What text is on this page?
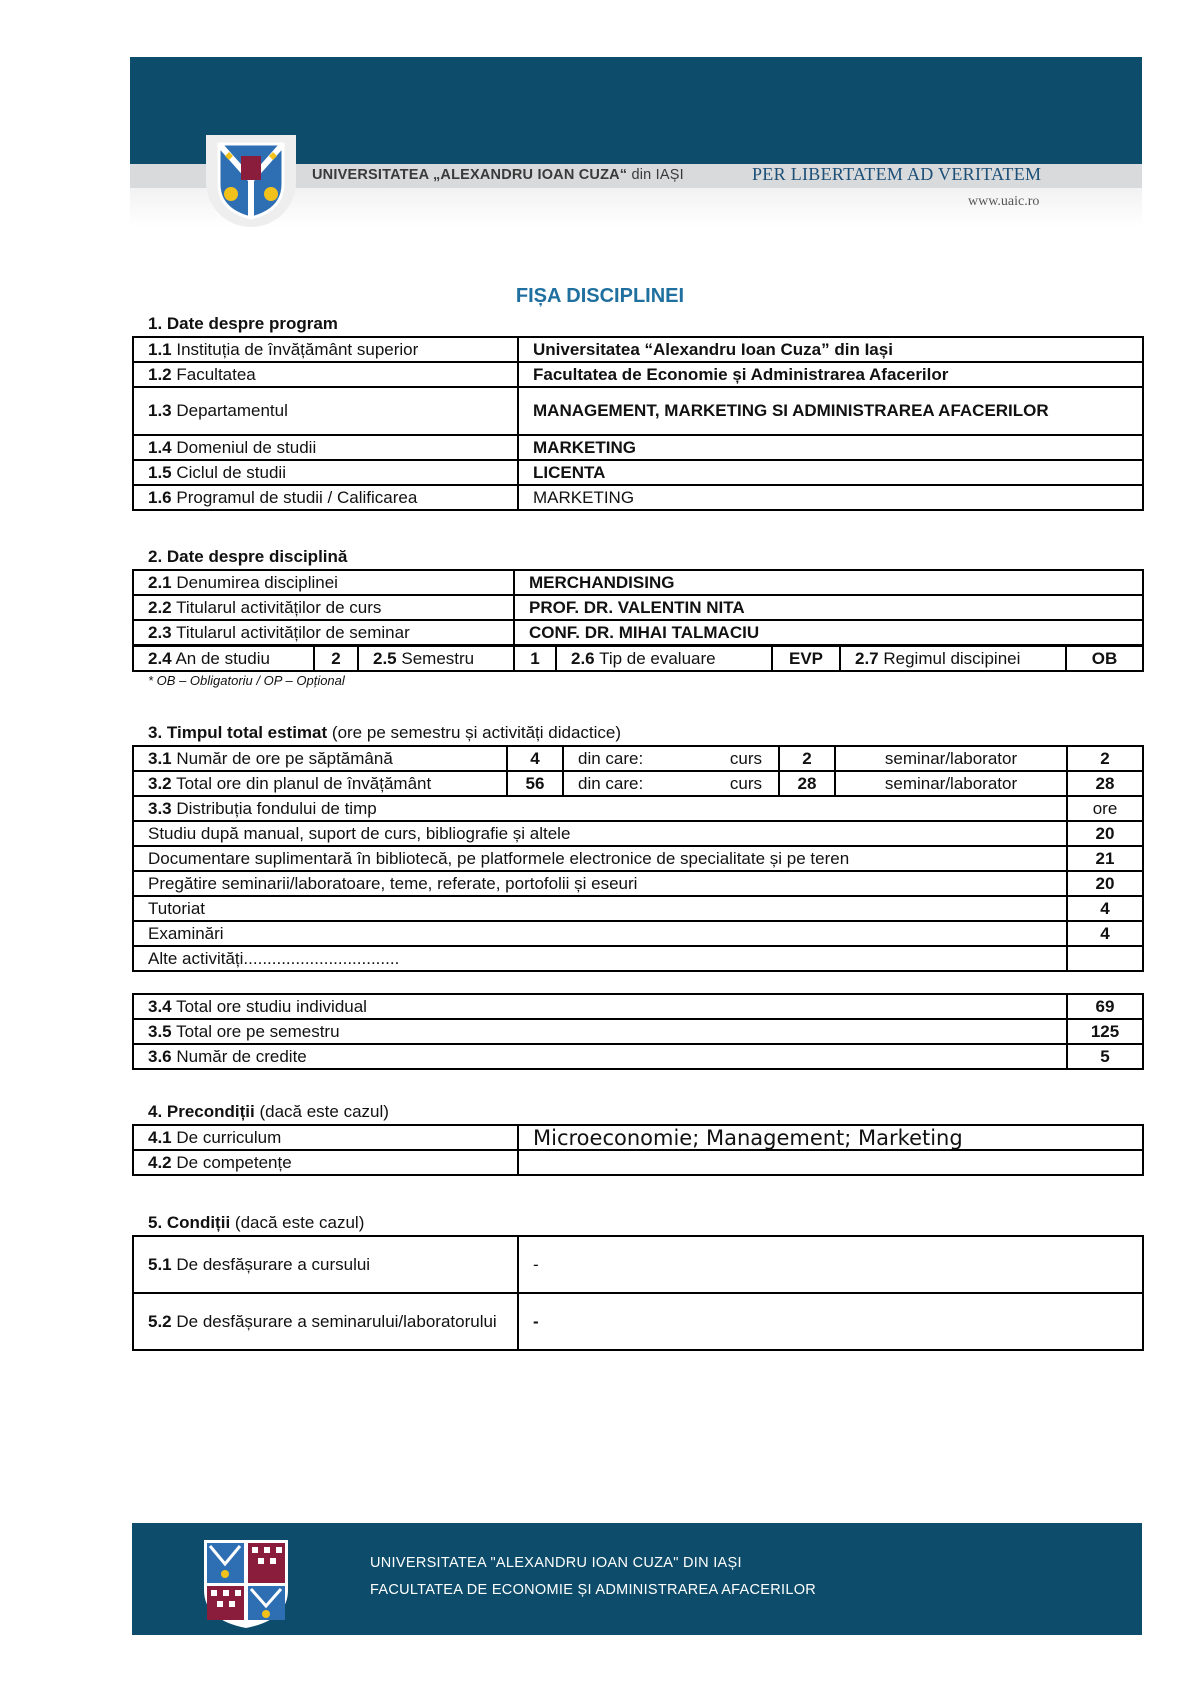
UNIVERSITATEA „ALEXANDRU IOAN CUZA“ din IAȘI	PER LIBERTATEM AD VERITATEM
www.uaic.ro
FIȘA DISCIPLINEI
1. Date despre program
1.1 Instituția de învățământ superior	Universitatea “Alexandru Ioan Cuza” din Iași
1.2 Facultatea	Facultatea de Economie și Administrarea Afacerilor
1.3 Departamentul	MANAGEMENT, MARKETING SI ADMINISTRAREA AFACERILOR
1.4 Domeniul de studii	MARKETING
1.5 Ciclul de studii	LICENTA
1.6 Programul de studii / Calificarea	MARKETING
2. Date despre disciplină
2.1 Denumirea disciplinei	MERCHANDISING
2.2 Titularul activităților de curs	PROF. DR. VALENTIN NITA
2.3 Titularul activităților de seminar	CONF. DR. MIHAI TALMACIU
2.4 An de studiu	2	2.5 Semestru	1	2.6 Tip de evaluare	EVP	2.7 Regimul discipinei	OB
* OB – Obligatoriu / OP – Opțional
3. Timpul total estimat (ore pe semestru și activități didactice)
3.1 Număr de ore pe săptămână	4	din care:	curs	2	seminar/laborator	2
3.2 Total ore din planul de învățământ	56	din care:	curs	28	seminar/laborator	28
3.3 Distribuția fondului de timp						ore
Studiu după manual, suport de curs, bibliografie și altele						20
Documentare suplimentară în bibliotecă, pe platformele electronice de specialitate și pe teren						21
Pregătire seminarii/laboratoare, teme, referate, portofolii și eseuri						20
Tutoriat						4
Examinări						4
Alte activități.................................						
3.4 Total ore studiu individual	69
3.5 Total ore pe semestru	125
3.6 Număr de credite	5
4. Precondiții (dacă este cazul)
4.1 De curriculum	Microeconomie; Management; Marketing
4.2 De competențe	
5. Condiții (dacă este cazul)
5.1 De desfășurare a cursului	-
5.2 De desfășurare a seminarului/laboratorului	-
UNIVERSITATEA "ALEXANDRU IOAN CUZA" DIN IAȘI
FACULTATEA DE ECONOMIE ȘI ADMINISTRAREA AFACERILOR
